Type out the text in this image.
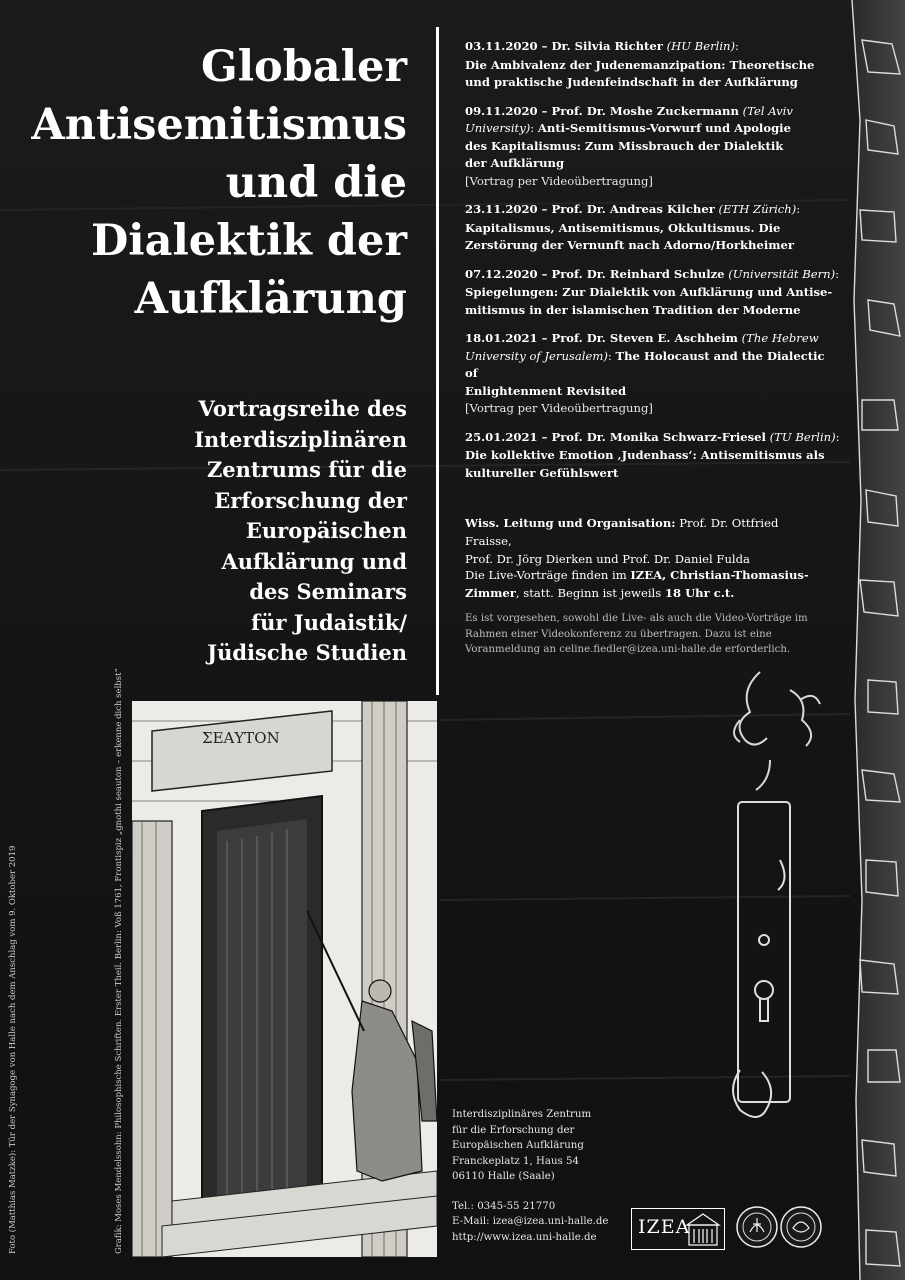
Globaler
Antisemitismus
und die
Dialektik der
Aufklärung
Vortragsreihe des
Interdisziplinären
Zentrums für die
Erforschung der
Europäischen
Aufklärung und
des Seminars
für Judaistik/
Jüdische Studien
ΣΕΑΥΤΟΝ
Grafik: Moses Mendelssohn: Philosophische Schriften. Erster Theil. Berlin: Voß 1761, Frontispiz „gnothi seauton – erkenne dich selbst“
Foto (Matthias Matzke): Tür der Synagoge von Halle nach dem Anschlag vom 9. Oktober 2019

03.11.2020 – Dr. Silvia Richter (HU Berlin):

Die Ambivalenz der Judenemanzipation: Theoretische
und praktische Judenfeindschaft in der Aufklärung

09.11.2020 – Prof. Dr. Moshe Zuckermann (Tel Aviv University): Anti-Semitismus-Vorwurf und Apologie
des Kapitalismus: Zum Missbrauch der Dialektik
der Aufklärung

[Vortrag per Videoübertragung]

23.11.2020 – Prof. Dr. Andreas Kilcher (ETH Zürich):

Kapitalismus, Antisemitismus, Okkultismus. Die
Zerstörung der Vernunft nach Adorno/Horkheimer

07.12.2020 – Prof. Dr. Reinhard Schulze (Universität Bern):

Spiegelungen: Zur Dialektik von Aufklärung und Antise-
mitismus in der islamischen Tradition der Moderne

18.01.2021 – Prof. Dr. Steven E. Aschheim (The Hebrew University of Jerusalem): The Holocaust and the Dialectic of
Enlightenment Revisited

[Vortrag per Videoübertragung]

25.01.2021 – Prof. Dr. Monika Schwarz-Friesel (TU Berlin):

Die kollektive Emotion ‚Judenhass‘: Antisemitismus als
kultureller Gefühlswert

Wiss. Leitung und Organisation: Prof. Dr. Ottfried Fraisse,

Prof. Dr. Jörg Dierken und Prof. Dr. Daniel Fulda

Die Live-Vorträge finden im IZEA, Christian-Thomasius-
Zimmer, statt. Beginn ist jeweils 18 Uhr c.t.

Es ist vorgesehen, sowohl die Live- als auch die Video-Vorträge im

Rahmen einer Videokonferenz zu übertragen. Dazu ist eine

Voranmeldung an celine.fiedler@izea.uni-halle.de erforderlich.

Interdisziplinäres Zentrum

für die Erforschung der

Europäischen Aufklärung

Franckeplatz 1, Haus 54

06110 Halle (Saale)

Tel.: 0345-55 21770

E-Mail: izea@izea.uni-halle.de

http://www.izea.uni-halle.de	IZEA
